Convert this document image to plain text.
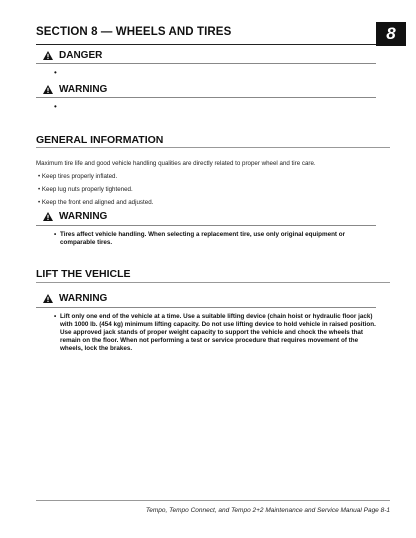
SECTION 8 — WHEELS AND TIRES	8
DANGER
•
WARNING
•
GENERAL INFORMATION
Maximum tire life and good vehicle handling qualities are directly related to proper wheel and tire care.
• Keep tires properly inflated.
• Keep lug nuts properly tightened.
• Keep the front end aligned and adjusted.
WARNING
• Tires affect vehicle handling. When selecting a replacement tire, use only original equipment or comparable tires.
LIFT THE VEHICLE
WARNING
• Lift only one end of the vehicle at a time. Use a suitable lifting device (chain hoist or hydraulic floor jack) with 1000 lb. (454 kg) minimum lifting capacity. Do not use lifting device to hold vehicle in raised position. Use approved jack stands of proper weight capacity to support the vehicle and chock the wheels that remain on the floor. When not performing a test or service procedure that requires movement of the wheels, lock the brakes.
Tempo, Tempo Connect, and Tempo 2+2 Maintenance and Service Manual Page 8-1
